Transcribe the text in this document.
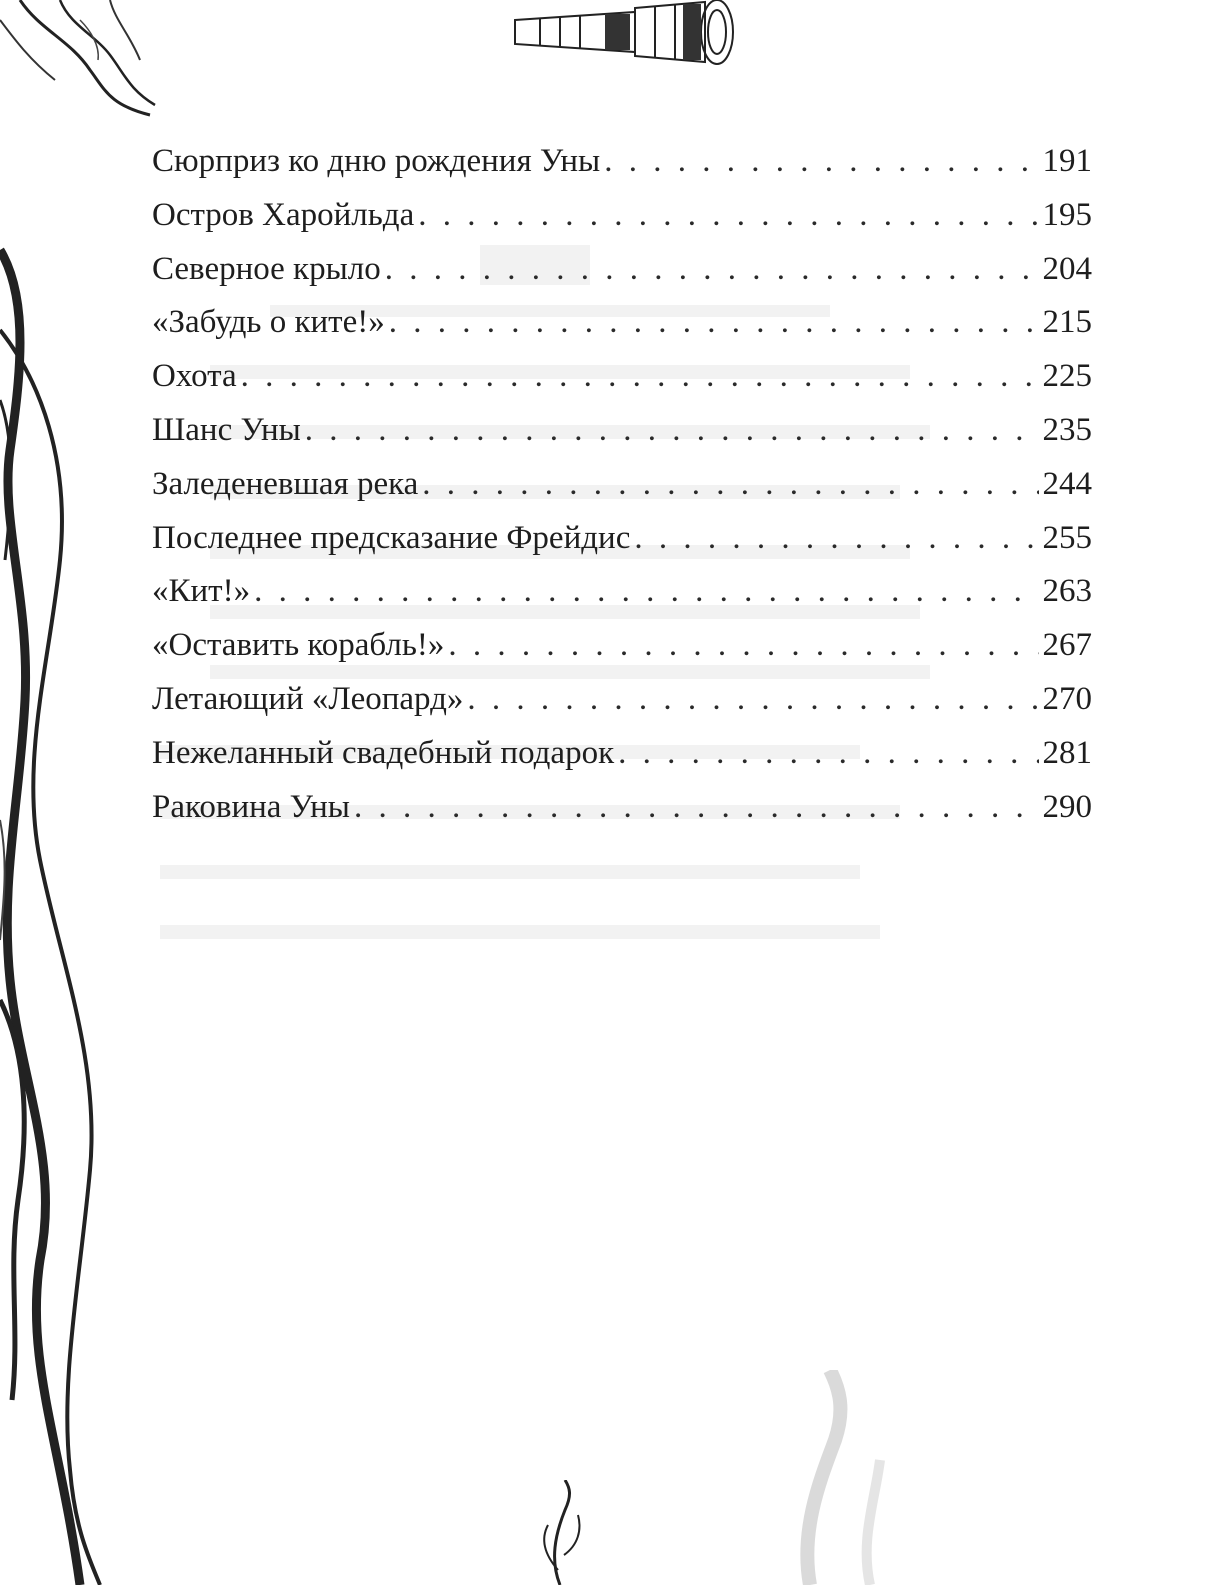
Сюрприз ко дню рождения Уны . . .	191
Остров Харойльда . . .	195
Северное крыло . . .	204
«Забудь о ките!» . . .	215
Охота . . .	225
Шанс Уны . . .	235
Заледеневшая река . . .	244
Последнее предсказание Фрейдис . . .	255
«Кит!» . . .	263
«Оставить корабль!» . . .	267
Летающий «Леопард» . . .	270
Нежеланный свадебный подарок . . .	281
Раковина Уны . . .	290
